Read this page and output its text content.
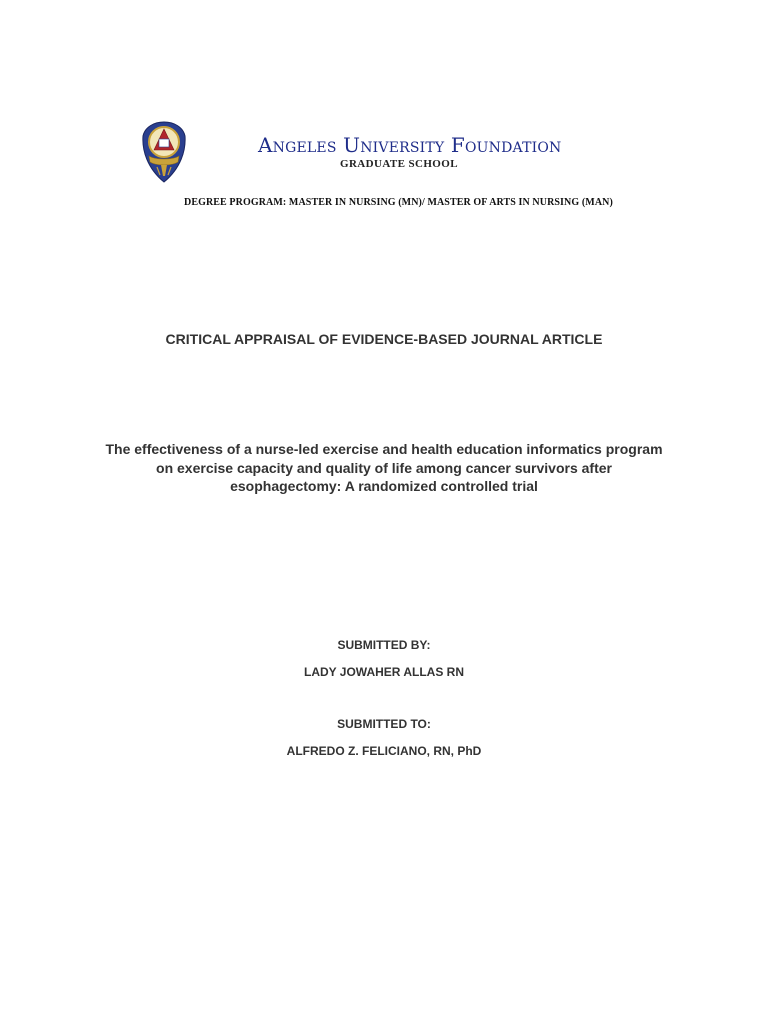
Angeles University Foundation
GRADUATE SCHOOL
DEGREE PROGRAM: MASTER IN NURSING (MN)/ MASTER OF ARTS IN NURSING (MAN)
CRITICAL APPRAISAL OF EVIDENCE-BASED JOURNAL ARTICLE
The effectiveness of a nurse-led exercise and health education informatics program on exercise capacity and quality of life among cancer survivors after esophagectomy: A randomized controlled trial
SUBMITTED BY:
LADY JOWAHER ALLAS RN
SUBMITTED TO:
ALFREDO Z. FELICIANO, RN, PhD
